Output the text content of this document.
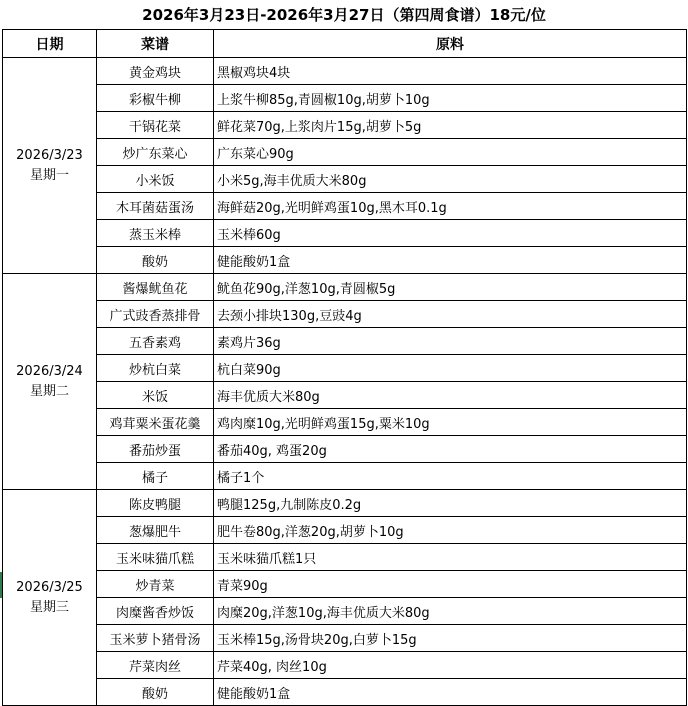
2026年3月23日-2026年3月27日（第四周食谱）18元/位
日期	菜谱	原料

2026/3/23
星期一	黄金鸡块	黑椒鸡块4块
	彩椒牛柳	上浆牛柳85g,青圆椒10g,胡萝卜10g
	干锅花菜	鲜花菜70g,上浆肉片15g,胡萝卜5g
	炒广东菜心	广东菜心90g
	小米饭	小米5g,海丰优质大米80g
	木耳菌菇蛋汤	海鲜菇20g,光明鲜鸡蛋10g,黑木耳0.1g
	蒸玉米棒	玉米棒60g
	酸奶	健能酸奶1盒

2026/3/24
星期二	酱爆鱿鱼花	鱿鱼花90g,洋葱10g,青圆椒5g
	广式豉香蒸排骨	去颈小排块130g,豆豉4g
	五香素鸡	素鸡片36g
	炒杭白菜	杭白菜90g
	米饭	海丰优质大米80g
	鸡茸粟米蛋花羹	鸡肉糜10g,光明鲜鸡蛋15g,粟米10g
	番茄炒蛋	番茄40g, 鸡蛋20g
	橘子	橘子1个

2026/3/25
星期三	陈皮鸭腿	鸭腿125g,九制陈皮0.2g
	葱爆肥牛	肥牛卷80g,洋葱20g,胡萝卜10g
	玉米味猫爪糕	玉米味猫爪糕1只
	炒青菜	青菜90g
	肉糜酱香炒饭	肉糜20g,洋葱10g,海丰优质大米80g
	玉米萝卜猪骨汤	玉米棒15g,汤骨块20g,白萝卜15g
	芹菜肉丝	芹菜40g, 肉丝10g
	酸奶	健能酸奶1盒
